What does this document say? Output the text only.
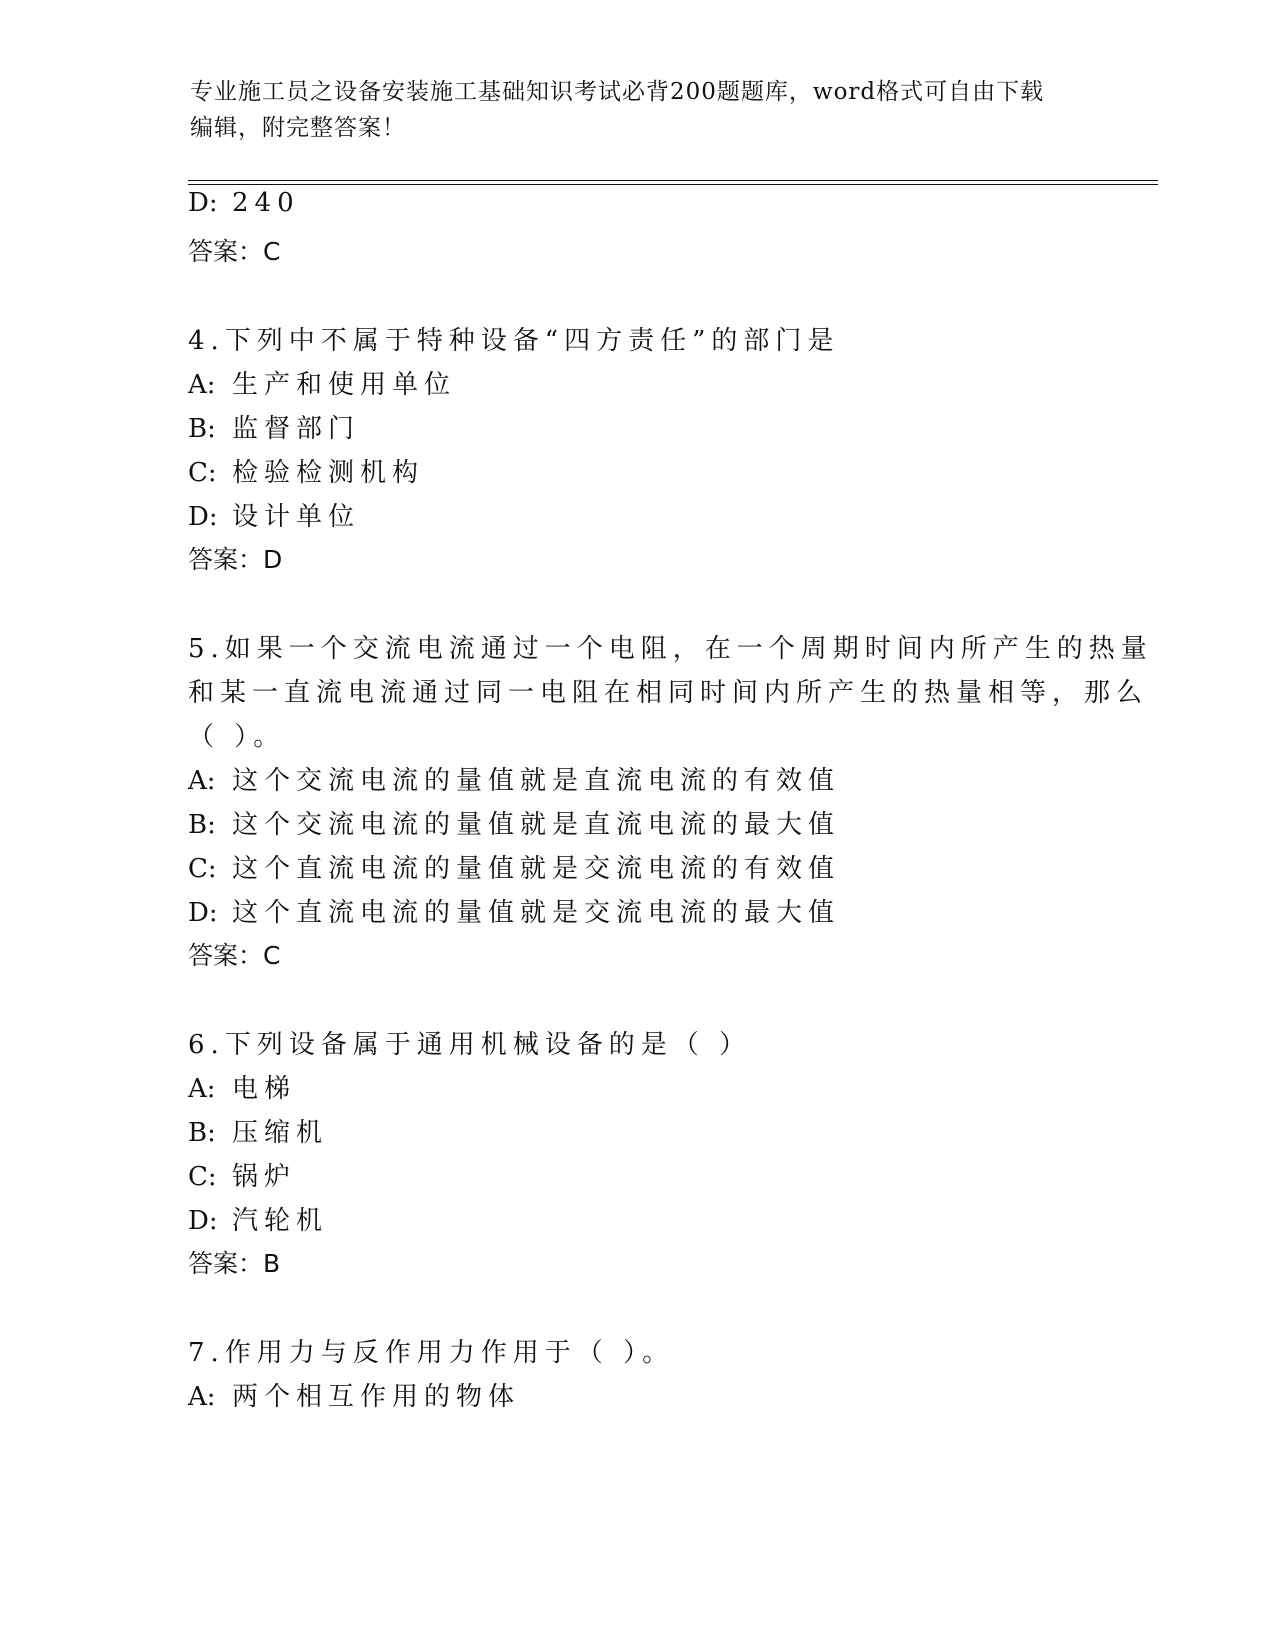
专业施工员之设备安装施工基础知识考试必背200题题库，word格式可自由下载
编辑，附完整答案！
D: 240
答案：C
4.下列中不属于特种设备“四方责任”的部门是
A: 生产和使用单位
B: 监督部门
C: 检验检测机构
D: 设计单位
答案：D
5.如果一个交流电流通过一个电阻，在一个周期时间内所产生的热量
和某一直流电流通过同一电阻在相同时间内所产生的热量相等，那么
（ ）。
A: 这个交流电流的量值就是直流电流的有效值
B: 这个交流电流的量值就是直流电流的最大值
C: 这个直流电流的量值就是交流电流的有效值
D: 这个直流电流的量值就是交流电流的最大值
答案：C
6.下列设备属于通用机械设备的是（ ）
A: 电梯
B: 压缩机
C: 锅炉
D: 汽轮机
答案：B
7.作用力与反作用力作用于（ ）。
A: 两个相互作用的物体
